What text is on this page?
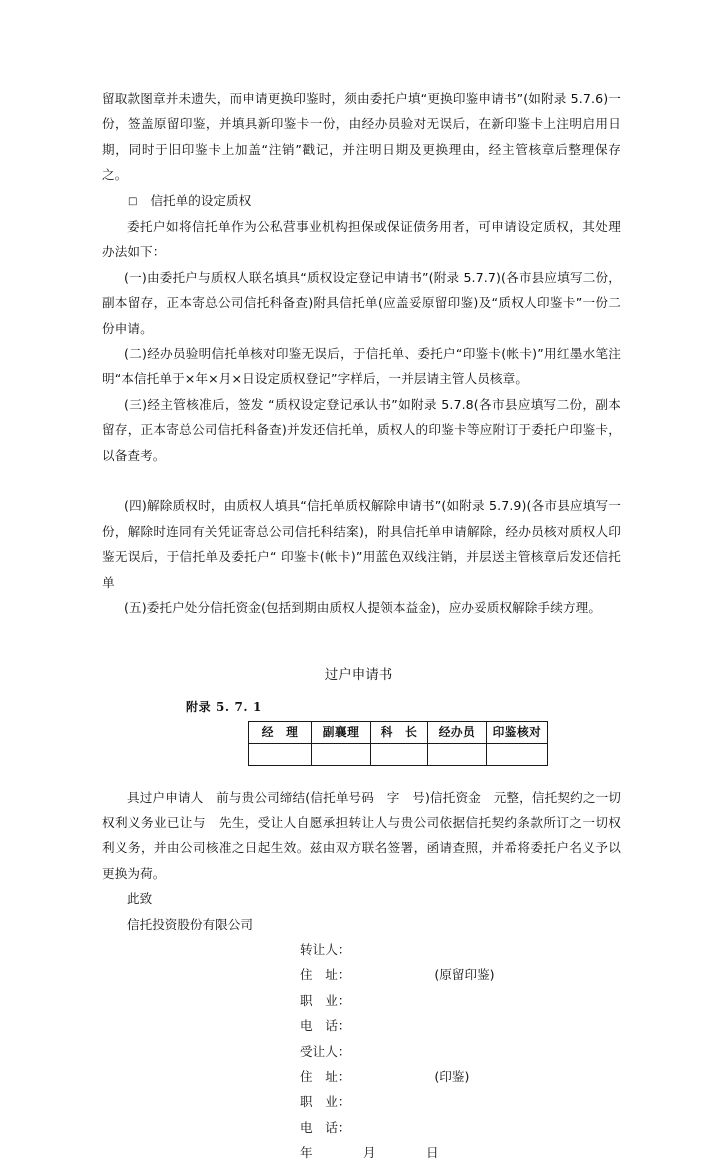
留取款图章并未遗失，而申请更换印鉴时，须由委托户填“更换印鉴申请书”(如附录 5.7.6)一份，签盖原留印鉴，并填具新印鉴卡一份，由经办员验对无误后，在新印鉴卡上注明启用日期，同时于旧印鉴卡上加盖“注销”戳记，并注明日期及更换理由，经主管核章后整理保存之。

□ 信托单的设定质权

委托户如将信托单作为公私营事业机构担保或保证债务用者，可申请设定质权，其处理办法如下：

(一)由委托户与质权人联名填具“质权设定登记申请书”(附录 5.7.7)(各市县应填写二份，副本留存，正本寄总公司信托科备查)附具信托单(应盖妥原留印鉴)及“质权人印鉴卡”一份二份申请。

(二)经办员验明信托单核对印鉴无误后，于信托单、委托户“印鉴卡(帐卡)”用红墨水笔注明“本信托单于×年×月×日设定质权登记”字样后，一并层请主管人员核章。

(三)经主管核准后，签发 “质权设定登记承认书”如附录 5.7.8(各市县应填写二份，副本留存，正本寄总公司信托科备查)并发还信托单，质权人的印鉴卡等应附订于委托户印鉴卡，以备查考。

(四)解除质权时，由质权人填具“信托单质权解除申请书”(如附录 5.7.9)(各市县应填写一份，解除时连同有关凭证寄总公司信托科结案)，附具信托单申请解除，经办员核对质权人印鉴无误后，于信托单及委托户“ 印鉴卡(帐卡)”用蓝色双线注销，并层送主管核章后发还信托单

(五)委托户处分信托资金(包括到期由质权人提领本益金)，应办妥质权解除手续方理。

过户申请书

附录 5. 7. 1

经　理	副襄理	科　长	经办员	印鉴核对

具过户申请人　前与贵公司缔结(信托单号码　字　号)信托资金　元整，信托契约之一切权利义务业已让与　先生，受让人自愿承担转让人与贵公司依据信托契约条款所订之一切权利义务，并由公司核准之日起生效。兹由双方联名签署，函请查照，并希将委托户名义予以更换为荷。

此致
信托投资股份有限公司
转让人：
住　址：	(原留印鉴)
职　业：
电　话：
受让人：
住　址：	(印鉴)
职　业：
电　话：
年　　　　月　　　　日
